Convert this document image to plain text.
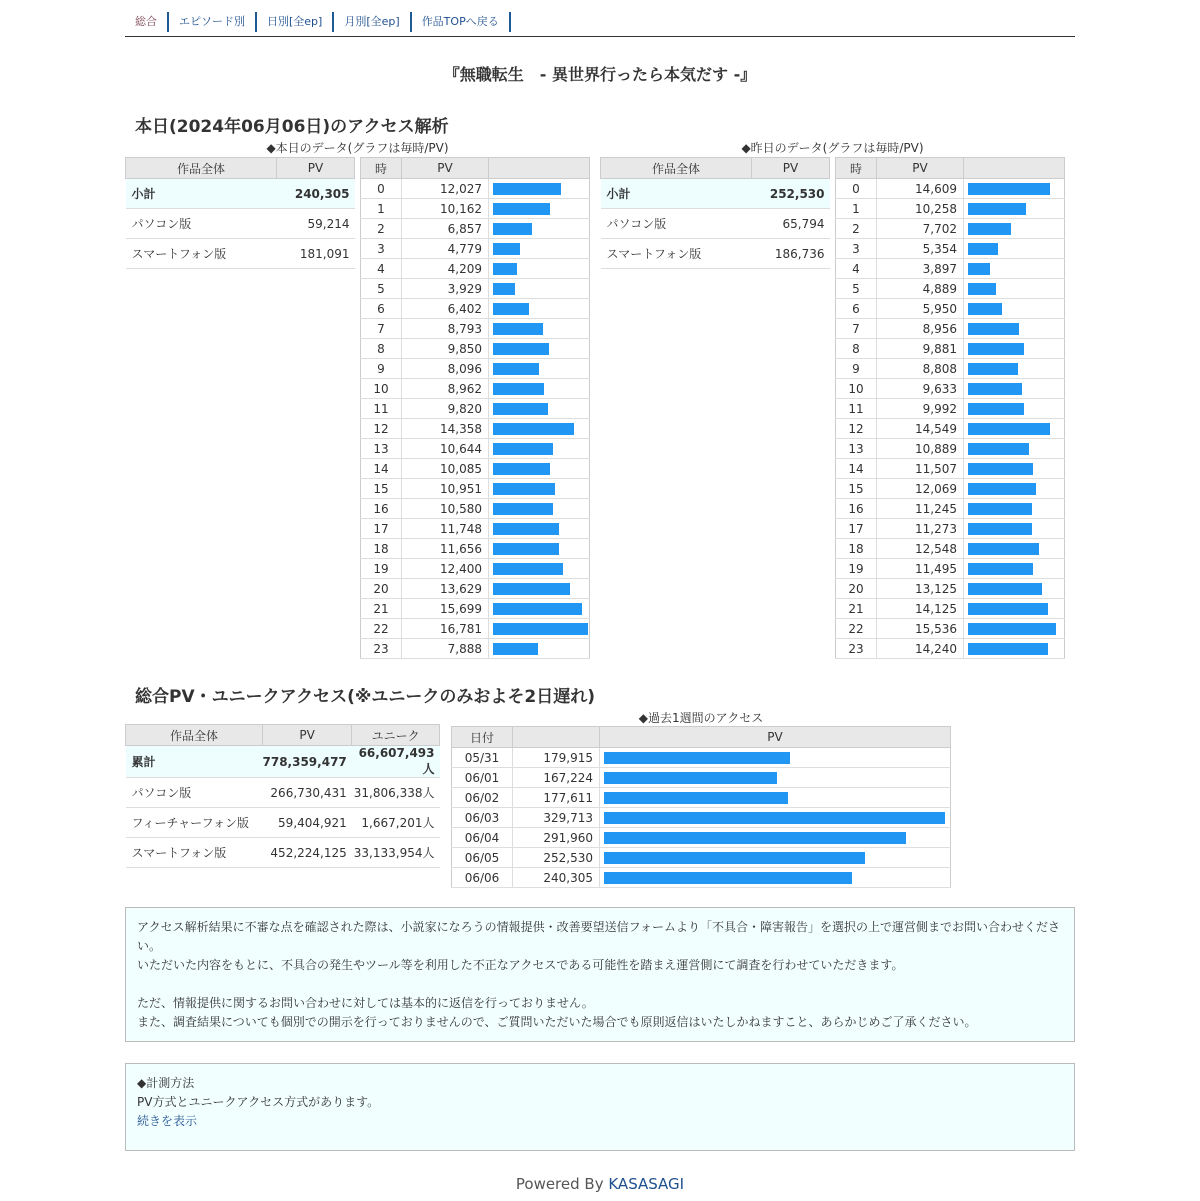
総合	エピソード別	日別[全ep]	月別[全ep]	作品TOPへ戻る
『無職転生　- 異世界行ったら本気だす -』
本日(2024年06月06日)のアクセス解析
◆本日のデータ(グラフは毎時/PV)	◆昨日のデータ(グラフは毎時/PV)
作品全体	PV
小計	240,305
パソコン版	59,214
スマートフォン版	181,091
時	PV	
0	12,027	

1	10,162	

2	6,857	

3	4,779	

4	4,209	

5	3,929	

6	6,402	

7	8,793	

8	9,850	

9	8,096	

10	8,962	

11	9,820	

12	14,358	

13	10,644	

14	10,085	

15	10,951	

16	10,580	

17	11,748	

18	11,656	

19	12,400	

20	13,629	

21	15,699	

22	16,781	

23	7,888	
作品全体	PV
小計	252,530
パソコン版	65,794
スマートフォン版	186,736
時	PV	
0	14,609	

1	10,258	

2	7,702	

3	5,354	

4	3,897	

5	4,889	

6	5,950	

7	8,956	

8	9,881	

9	8,808	

10	9,633	

11	9,992	

12	14,549	

13	10,889	

14	11,507	

15	12,069	

16	11,245	

17	11,273	

18	12,548	

19	11,495	

20	13,125	

21	14,125	

22	15,536	

23	14,240	
総合PV・ユニークアクセス(※ユニークのみおよそ2日遅れ)
作品全体	PV	ユニーク
累計	778,359,477	66,607,493人
パソコン版	266,730,431	31,806,338人
フィーチャーフォン版	59,404,921	1,667,201人
スマートフォン版	452,224,125	33,133,954人
◆過去1週間のアクセス
日付		PV
05/31	179,915	

06/01	167,224	

06/02	177,611	

06/03	329,713	

06/04	291,960	

06/05	252,530	

06/06	240,305	

アクセス解析結果に不審な点を確認された際は、小説家になろうの情報提供・改善要望送信フォームより「不具合・障害報告」を選択の上で運営側までお問い合わせください。
いただいた内容をもとに、不具合の発生やツール等を利用した不正なアクセスである可能性を踏まえ運営側にて調査を行わせていただきます。

ただ、情報提供に関するお問い合わせに対しては基本的に返信を行っておりません。
また、調査結果についても個別での開示を行っておりませんので、ご質問いただいた場合でも原則返信はいたしかねますこと、あらかじめご了承ください。

◆計測方法

PV方式とユニークアクセス方式があります。

続きを表示

Powered By KASASAGI
